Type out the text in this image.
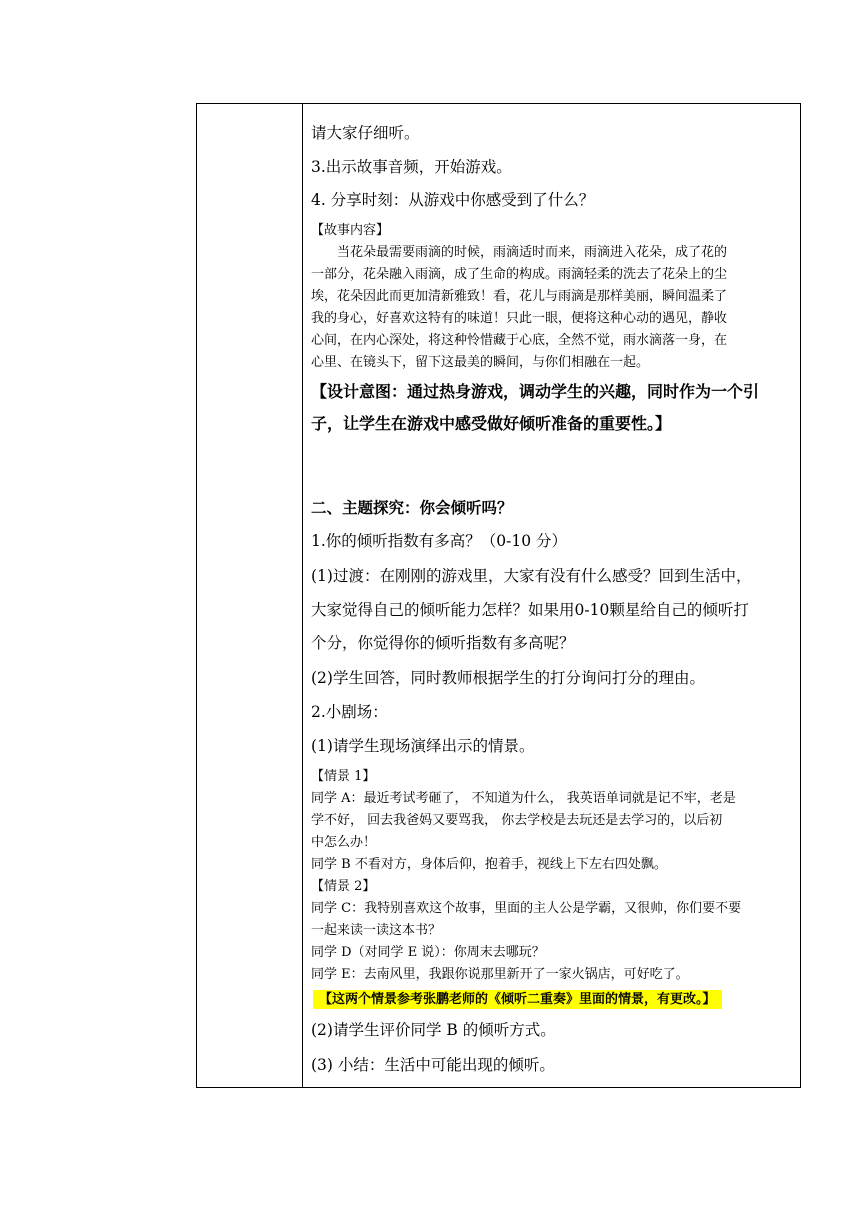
请大家仔细听。
3.出示故事音频，开始游戏。
4. 分享时刻：从游戏中你感受到了什么？
【故事内容】
当花朵最需要雨滴的时候，雨滴适时而来，雨滴进入花朵，成了花的
一部分，花朵融入雨滴，成了生命的构成。雨滴轻柔的洗去了花朵上的尘
埃，花朵因此而更加清新雅致！看，花儿与雨滴是那样美丽，瞬间温柔了
我的身心，好喜欢这特有的味道！只此一眼，便将这种心动的遇见，静收
心间，在内心深处，将这种怜惜藏于心底，全然不觉，雨水滴落一身，在
心里、在镜头下，留下这最美的瞬间，与你们相融在一起。
【设计意图：通过热身游戏，调动学生的兴趣，同时作为一个引
子，让学生在游戏中感受做好倾听准备的重要性。】
二、主题探究：你会倾听吗？
1.你的倾听指数有多高？（0-10 分）
(1)过渡：在刚刚的游戏里，大家有没有什么感受？回到生活中，
大家觉得自己的倾听能力怎样？如果用0-10颗星给自己的倾听打
个分，你觉得你的倾听指数有多高呢？
(2)学生回答，同时教师根据学生的打分询问打分的理由。
2.小剧场：
(1)请学生现场演绎出示的情景。
【情景 1】
同学 A：最近考试考砸了， 不知道为什么， 我英语单词就是记不牢，老是
学不好， 回去我爸妈又要骂我， 你去学校是去玩还是去学习的，以后初
中怎么办！
同学 B 不看对方，身体后仰，抱着手，视线上下左右四处飘。
【情景 2】
同学 C：我特别喜欢这个故事，里面的主人公是学霸，又很帅，你们要不要
一起来读一读这本书？
同学 D（对同学 E 说）：你周末去哪玩？
同学 E：去南风里，我跟你说那里新开了一家火锅店，可好吃了。
【这两个情景参考张鹏老师的《倾听二重奏》里面的情景，有更改。】
(2)请学生评价同学 B 的倾听方式。
(3) 小结：生活中可能出现的倾听。
